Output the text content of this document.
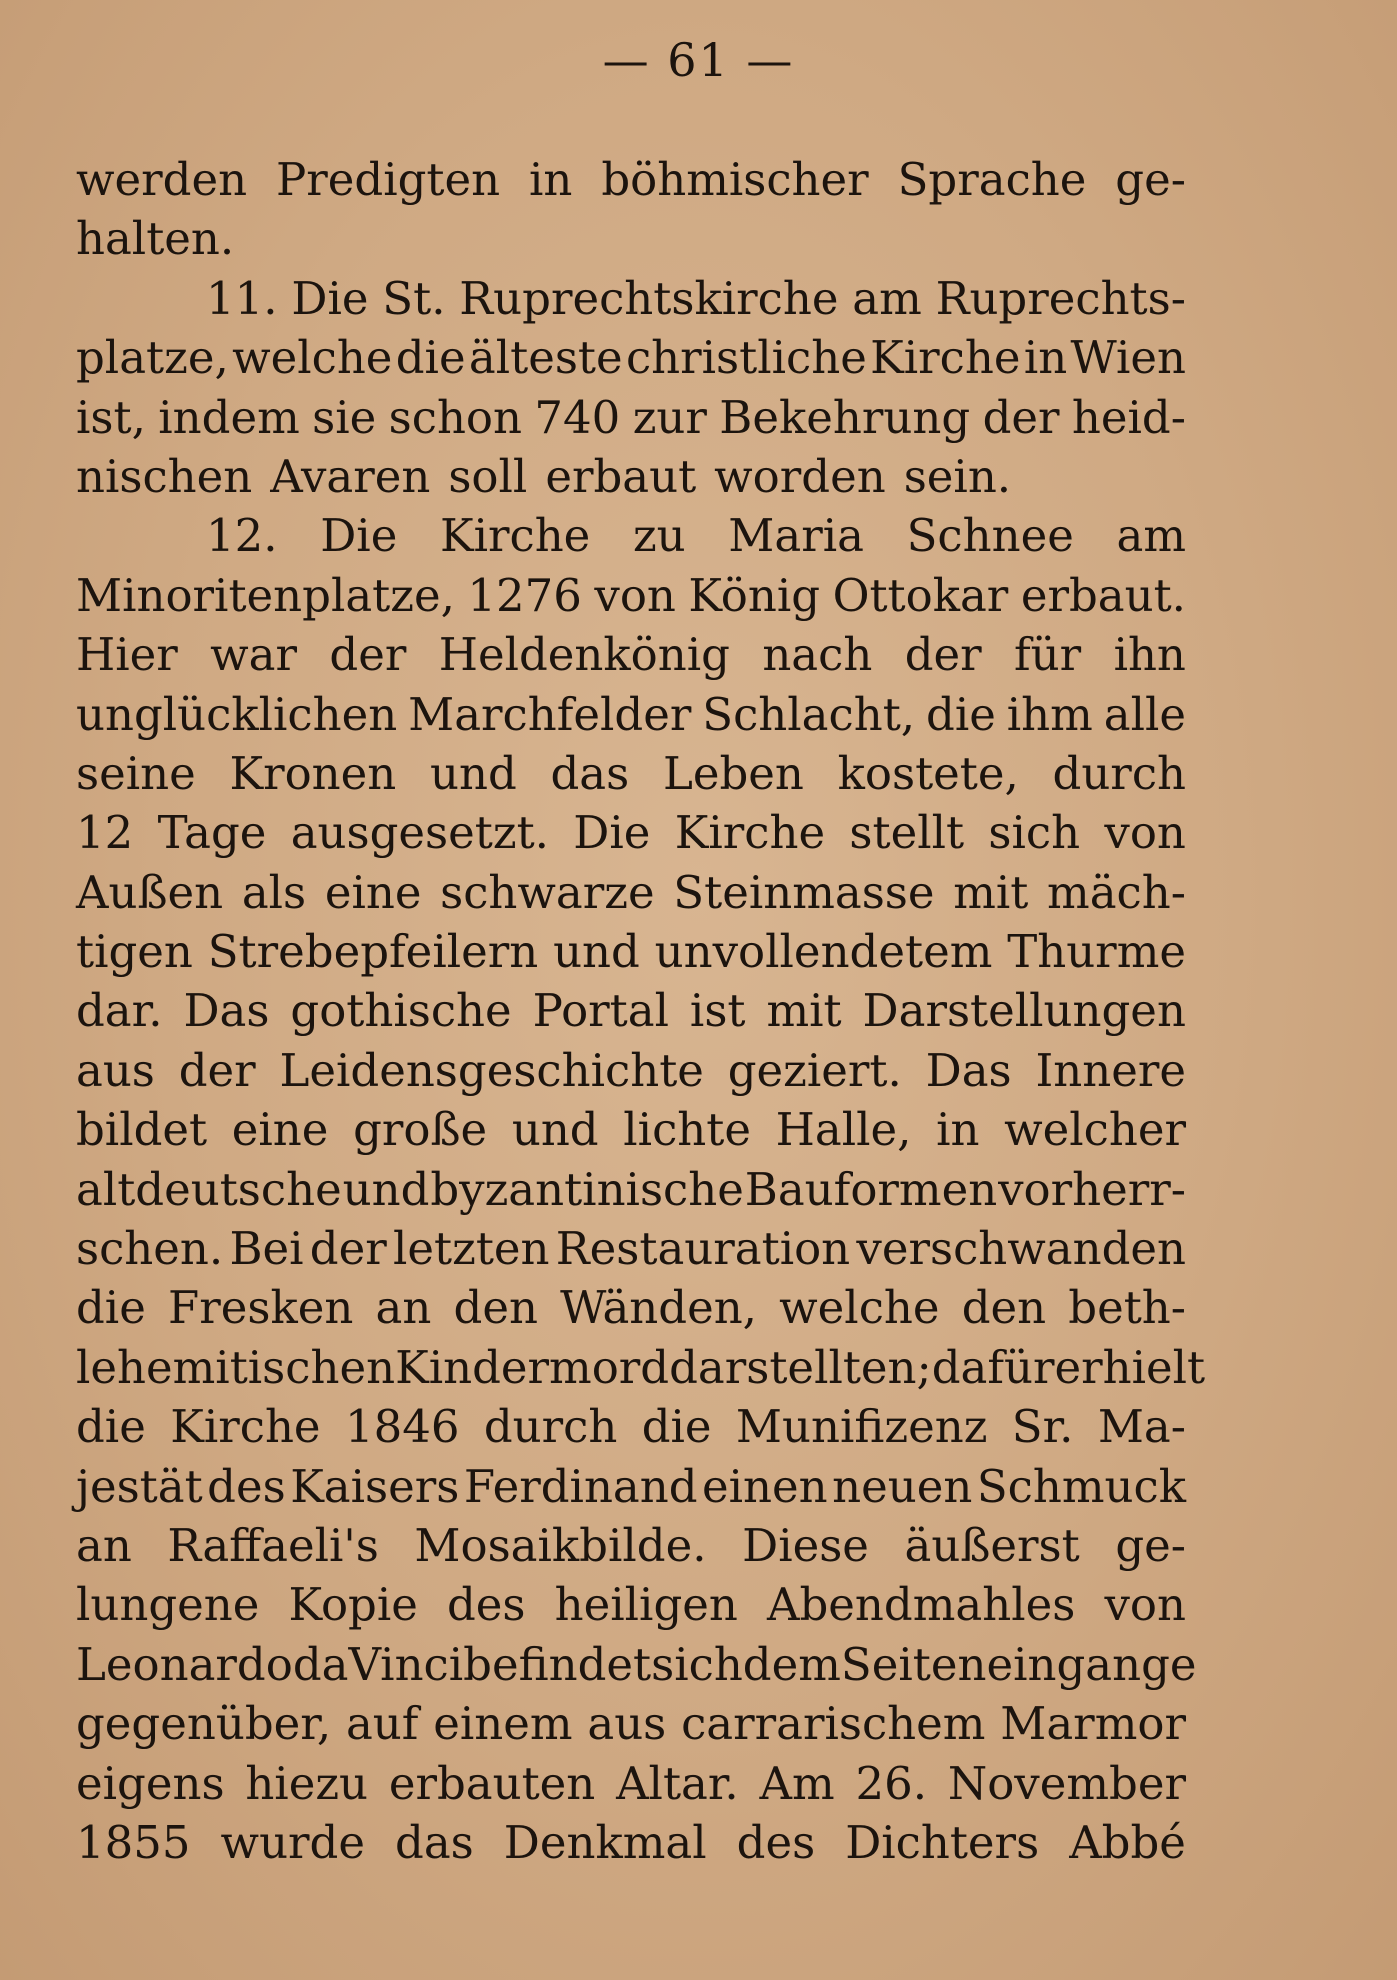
— 61 —
werden Predigten in böhmischer Sprache ge-
halten.
11. Die St. Ruprechtskirche am Ruprechts-
platze, welche die älteste christliche Kirche in Wien
ist, indem sie schon 740 zur Bekehrung der heid-
nischen Avaren soll erbaut worden sein.
12. Die Kirche zu Maria Schnee am
Minoritenplatze, 1276 von König Ottokar erbaut.
Hier war der Heldenkönig nach der für ihn
unglücklichen Marchfelder Schlacht, die ihm alle
seine Kronen und das Leben kostete, durch
12 Tage ausgesetzt. Die Kirche stellt sich von
Außen als eine schwarze Steinmasse mit mäch-
tigen Strebepfeilern und unvollendetem Thurme
dar. Das gothische Portal ist mit Darstellungen
aus der Leidensgeschichte geziert. Das Innere
bildet eine große und lichte Halle, in welcher
altdeutsche und byzantinische Bauformen vorherr-
schen. Bei der letzten Restauration verschwanden
die Fresken an den Wänden, welche den beth-
lehemitischen Kindermord darstellten; dafür erhielt
die Kirche 1846 durch die Munifizenz Sr. Ma-
jestät des Kaisers Ferdinand einen neuen Schmuck
an Raffaeli's Mosaikbilde. Diese äußerst ge-
lungene Kopie des heiligen Abendmahles von
Leonardo da Vinci befindet sich dem Seiteneingange
gegenüber, auf einem aus carrarischem Marmor
eigens hiezu erbauten Altar. Am 26. November
1855 wurde das Denkmal des Dichters Abbé
